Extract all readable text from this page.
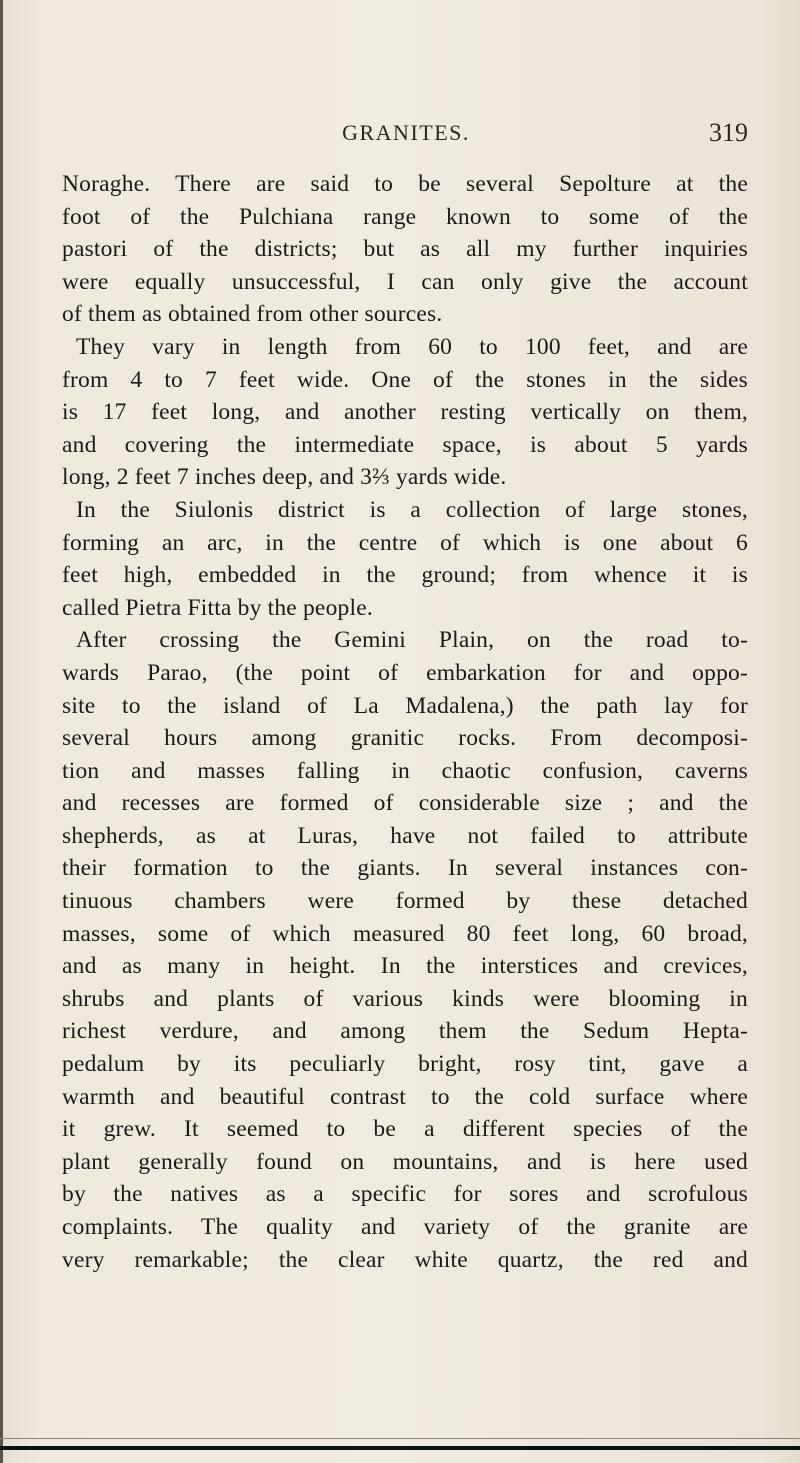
GRANITES.	319
Noraghe. There are said to be several Sepolture at the
foot of the Pulchiana range known to some of the
pastori of the districts; but as all my further inquiries
were equally unsuccessful, I can only give the account
of them as obtained from other sources.
They vary in length from 60 to 100 feet, and are
from 4 to 7 feet wide. One of the stones in the sides
is 17 feet long, and another resting vertically on them,
and covering the intermediate space, is about 5 yards
long, 2 feet 7 inches deep, and 3⅔ yards wide.
In the Siulonis district is a collection of large stones,
forming an arc, in the centre of which is one about 6
feet high, embedded in the ground; from whence it is
called Pietra Fitta by the people.
After crossing the Gemini Plain, on the road to-
wards Parao, (the point of embarkation for and oppo-
site to the island of La Madalena,) the path lay for
several hours among granitic rocks. From decomposi-
tion and masses falling in chaotic confusion, caverns
and recesses are formed of considerable size ; and the
shepherds, as at Luras, have not failed to attribute
their formation to the giants. In several instances con-
tinuous chambers were formed by these detached
masses, some of which measured 80 feet long, 60 broad,
and as many in height. In the interstices and crevices,
shrubs and plants of various kinds were blooming in
richest verdure, and among them the Sedum Hepta-
pedalum by its peculiarly bright, rosy tint, gave a
warmth and beautiful contrast to the cold surface where
it grew. It seemed to be a different species of the
plant generally found on mountains, and is here used
by the natives as a specific for sores and scrofulous
complaints. The quality and variety of the granite are
very remarkable; the clear white quartz, the red and
